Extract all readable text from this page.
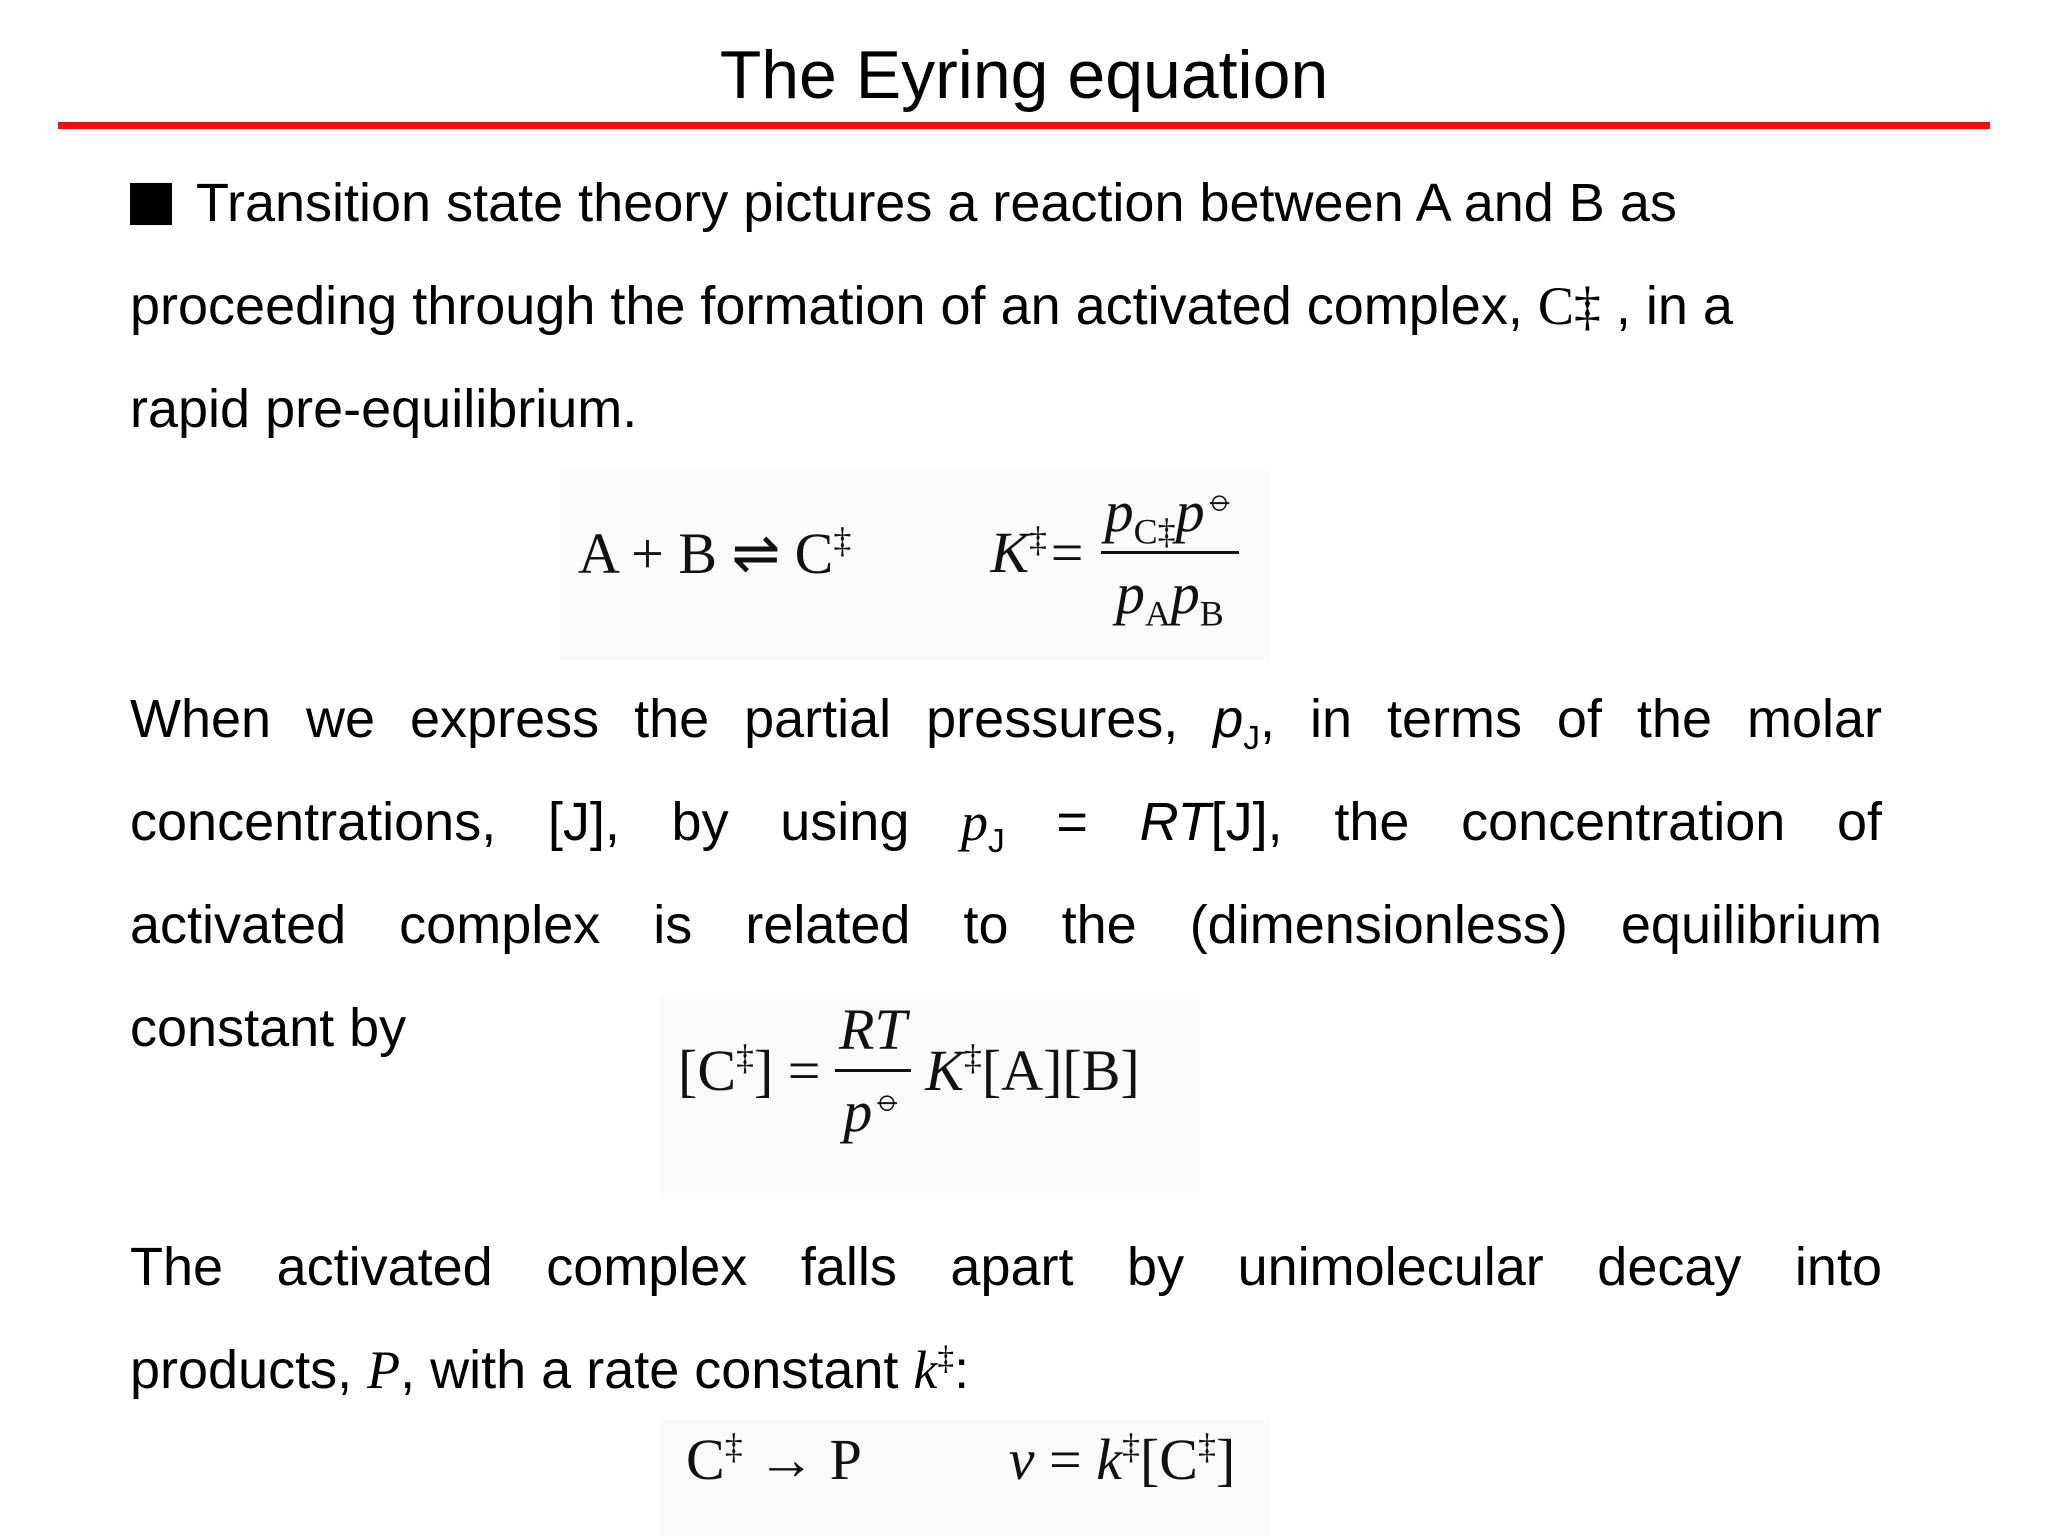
The Eyring equation
Transition state theory pictures a reaction between A and B as
proceeding through the formation of an activated complex, C‡ , in a
rapid pre-equilibrium.
A + B ⇌ C‡ $K^\ddagger= \frac{p_{C\ddagger}p^⦵}{p_Ap_B}$
When we express the partial pressures, $p_J$, in terms of the molar
concentrations, [J], by using $p_J = RT[J]$, the concentration of
activated complex is related to the (dimensionless) equilibrium
constant by
$[C^\ddagger] = \frac{RT}{p^⦵} K^\ddagger[A][B]$
The activated complex falls apart by unimolecular decay into
products, P, with a rate constant k‡:
C‡ → P	v = k‡[C‡]
